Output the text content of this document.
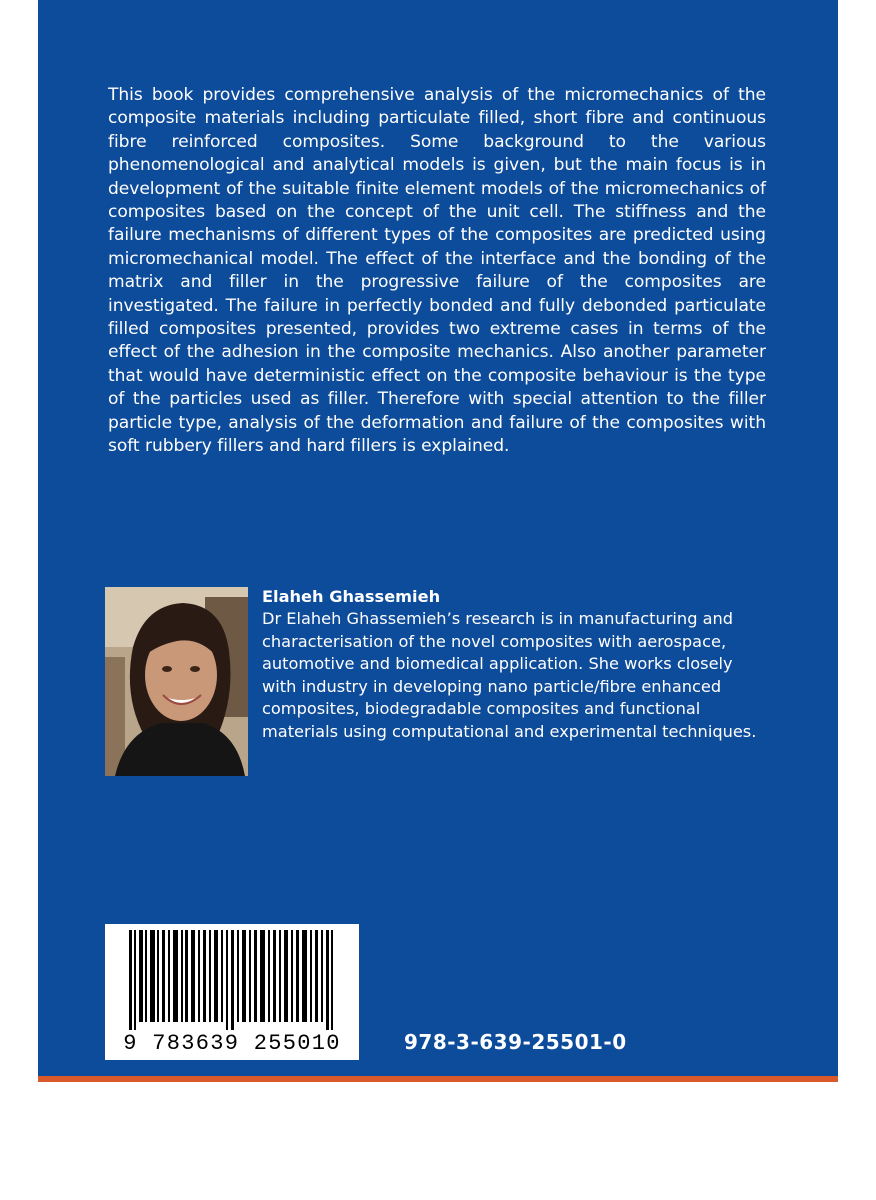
This book provides comprehensive analysis of the micromechanics of the composite materials including particulate filled, short fibre and continuous fibre reinforced composites. Some background to the various phenomenological and analytical models is given, but the main focus is in development of the suitable finite element models of the micromechanics of composites based on the concept of the unit cell. The stiffness and the failure mechanisms of different types of the composites are predicted using micromechanical model. The effect of the interface and the bonding of the matrix and filler in the progressive failure of the composites are investigated. The failure in perfectly bonded and fully debonded particulate filled composites presented, provides two extreme cases in terms of the effect of the adhesion in the composite mechanics. Also another parameter that would have deterministic effect on the composite behaviour is the type of the particles used as filler. Therefore with special attention to the filler particle type, analysis of the deformation and failure of the composites with soft rubbery fillers and hard fillers is explained.

Elaheh Ghassemieh

Dr Elaheh Ghassemieh’s research is in manufacturing and characterisation of the novel composites with aerospace, automotive and biomedical application. She works closely with industry in developing nano particle/fibre enhanced composites, biodegradable composites and functional materials using computational and experimental techniques.

9 783639 255010	978-3-639-25501-0
